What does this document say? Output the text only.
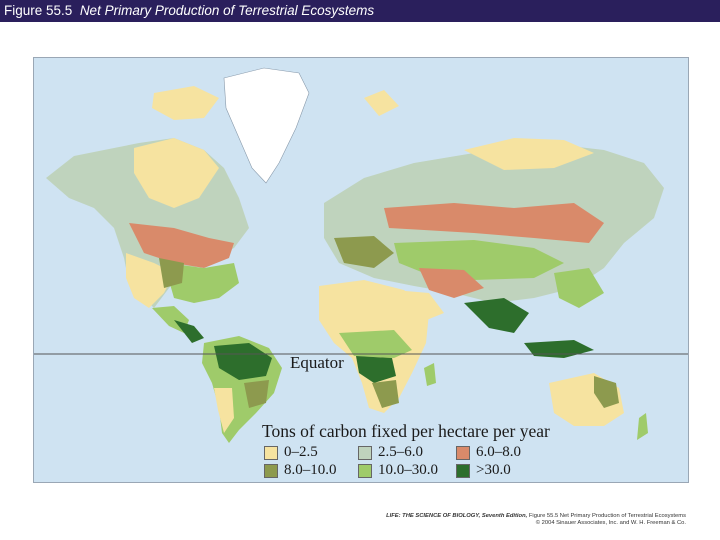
Figure 55.5 Net Primary Production of Terrestrial Ecosystems
Equator
Tons of carbon fixed per hectare per year
0–2.5	2.5–6.0	6.0–8.0
8.0–10.0	10.0–30.0	>30.0
LIFE: THE SCIENCE OF BIOLOGY, Seventh Edition, Figure 55.5 Net Primary Production of Terrestrial Ecosystems
© 2004 Sinauer Associates, Inc. and W. H. Freeman & Co.
